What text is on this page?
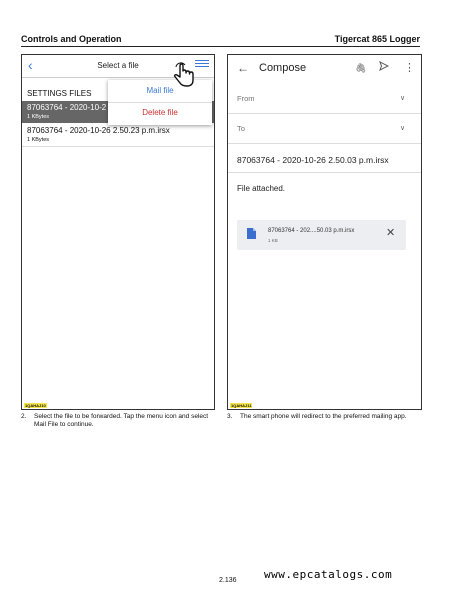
Controls and Operation	Tigercat 865 Logger
‹	Select a file
SETTINGS FILES
87063764 - 2020-10-2
1 KBytes
87063764 - 2020-10-26 2.50.23 p.m.irsx
1 KBytes
Mail file
Delete file
1QAHAJ10
← Compose	🖇	⋮
From	∨
To	∨
87063764 - 2020-10-26 2.50.03 p.m.irsx
File attached.
87063764 - 202....50.03 p.m.irsx
1 KB
✕
1QAHAJ11
2. Select the file to be forwarded. Tap the menu icon and select Mail File to continue.
3. The smart phone will redirect to the preferred mailing app.
2.136 www.epcatalogs.com
